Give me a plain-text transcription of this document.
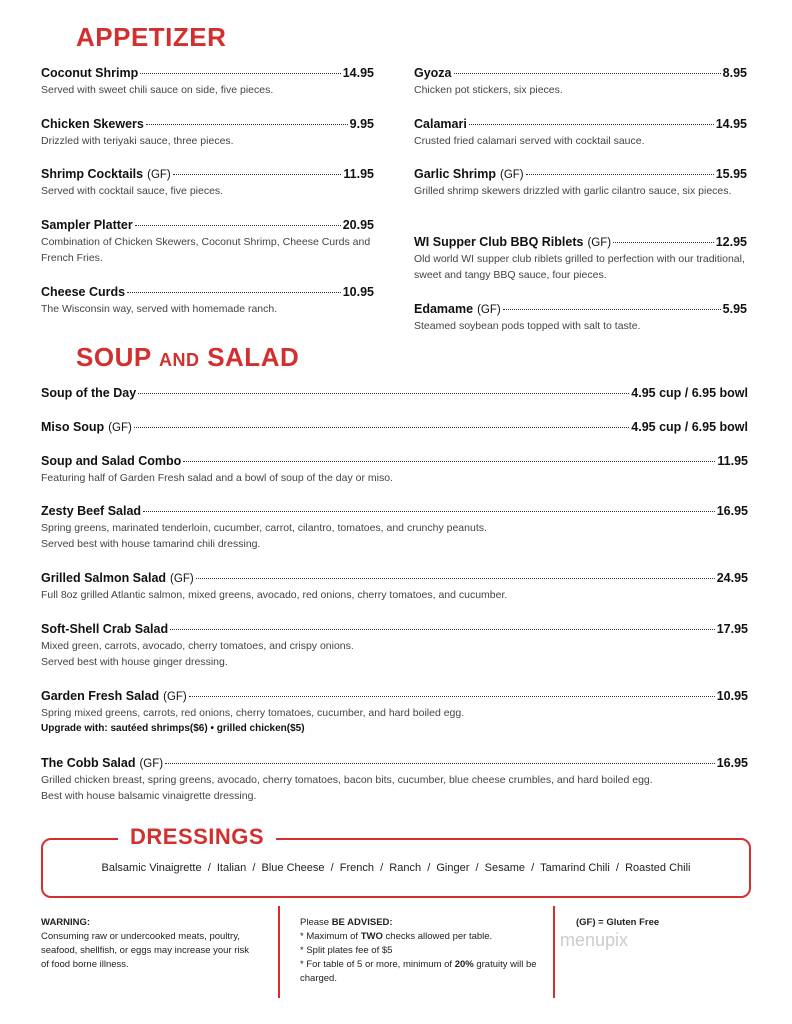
APPETIZER
SOUP AND SALAD
Coconut Shrimp	14.95
Served with sweet chili sauce on side, five pieces.
Chicken Skewers	9.95
Drizzled with teriyaki sauce, three pieces.
Shrimp Cocktails (GF)	11.95
Served with cocktail sauce, five pieces.
Sampler Platter	20.95
Combination of Chicken Skewers, Coconut Shrimp, Cheese Curds and French Fries.
Cheese Curds	10.95
The Wisconsin way, served with homemade ranch.
Gyoza	8.95
Chicken pot stickers, six pieces.
Calamari	14.95
Crusted fried calamari served with cocktail sauce.
Garlic Shrimp (GF)	15.95
Grilled shrimp skewers drizzled with garlic cilantro sauce, six pieces.
WI Supper Club BBQ Riblets (GF)	12.95
Old world WI supper club riblets grilled to perfection with our traditional, sweet and tangy BBQ sauce, four pieces.
Edamame (GF)	5.95
Steamed soybean pods topped with salt to taste.
Soup of the Day	4.95 cup / 6.95 bowl
Miso Soup (GF)	4.95 cup / 6.95 bowl
Soup and Salad Combo	11.95
Featuring half of Garden Fresh salad and a bowl of soup of the day or miso.
Zesty Beef Salad	16.95
Spring greens, marinated tenderloin, cucumber, carrot, cilantro, tomatoes, and crunchy peanuts.
Served best with house tamarind chili dressing.
Grilled Salmon Salad (GF)	24.95
Full 8oz grilled Atlantic salmon, mixed greens, avocado, red onions, cherry tomatoes, and cucumber.
Soft-Shell Crab Salad	17.95
Mixed green, carrots, avocado, cherry tomatoes, and crispy onions.
Served best with house ginger dressing.
Garden Fresh Salad (GF)	10.95
Spring mixed greens, carrots, red onions, cherry tomatoes, cucumber, and hard boiled egg.
Upgrade with: sautéed shrimps($6) • grilled chicken($5)
The Cobb Salad (GF)	16.95
Grilled chicken breast, spring greens, avocado, cherry tomatoes, bacon bits, cucumber, blue cheese crumbles, and hard boiled egg.
Best with house balsamic vinaigrette dressing.
DRESSINGS
Balsamic Vinaigrette  /  Italian  /  Blue Cheese  /  French  /  Ranch  /  Ginger  /  Sesame  /  Tamarind Chili  /  Roasted Chili
WARNING:
Consuming raw or undercooked meats, poultry, seafood, shellfish, or eggs may increase your risk of food borne illness.
Please BE ADVISED:
* Maximum of TWO checks allowed per table.
* Split plates fee of $5
* For table of 5 or more, minimum of 20% gratuity will be charged.
(GF) = Gluten Free
menupix
